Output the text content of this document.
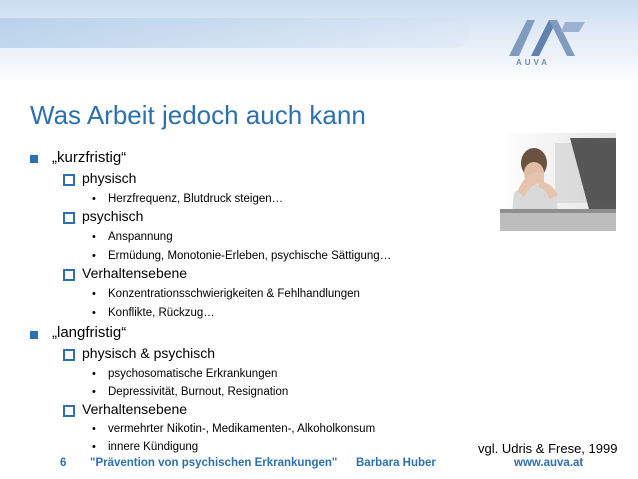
AUVA
Was Arbeit jedoch auch kann
„kurzfristig“
physisch
• Herzfrequenz, Blutdruck steigen…
psychisch
• Anspannung
• Ermüdung, Monotonie-Erleben, psychische Sättigung…
Verhaltensebene
• Konzentrationsschwierigkeiten & Fehlhandlungen
• Konflikte, Rückzug…
„langfristig“
physisch & psychisch
• psychosomatische Erkrankungen
• Depressivität, Burnout, Resignation
Verhaltensebene
• vermehrter Nikotin-, Medikamenten-, Alkoholkonsum
• innere Kündigung	vgl. Udris & Frese, 1999
6 "Prävention von psychischen Erkrankungen" Barbara Huber	www.auva.at
